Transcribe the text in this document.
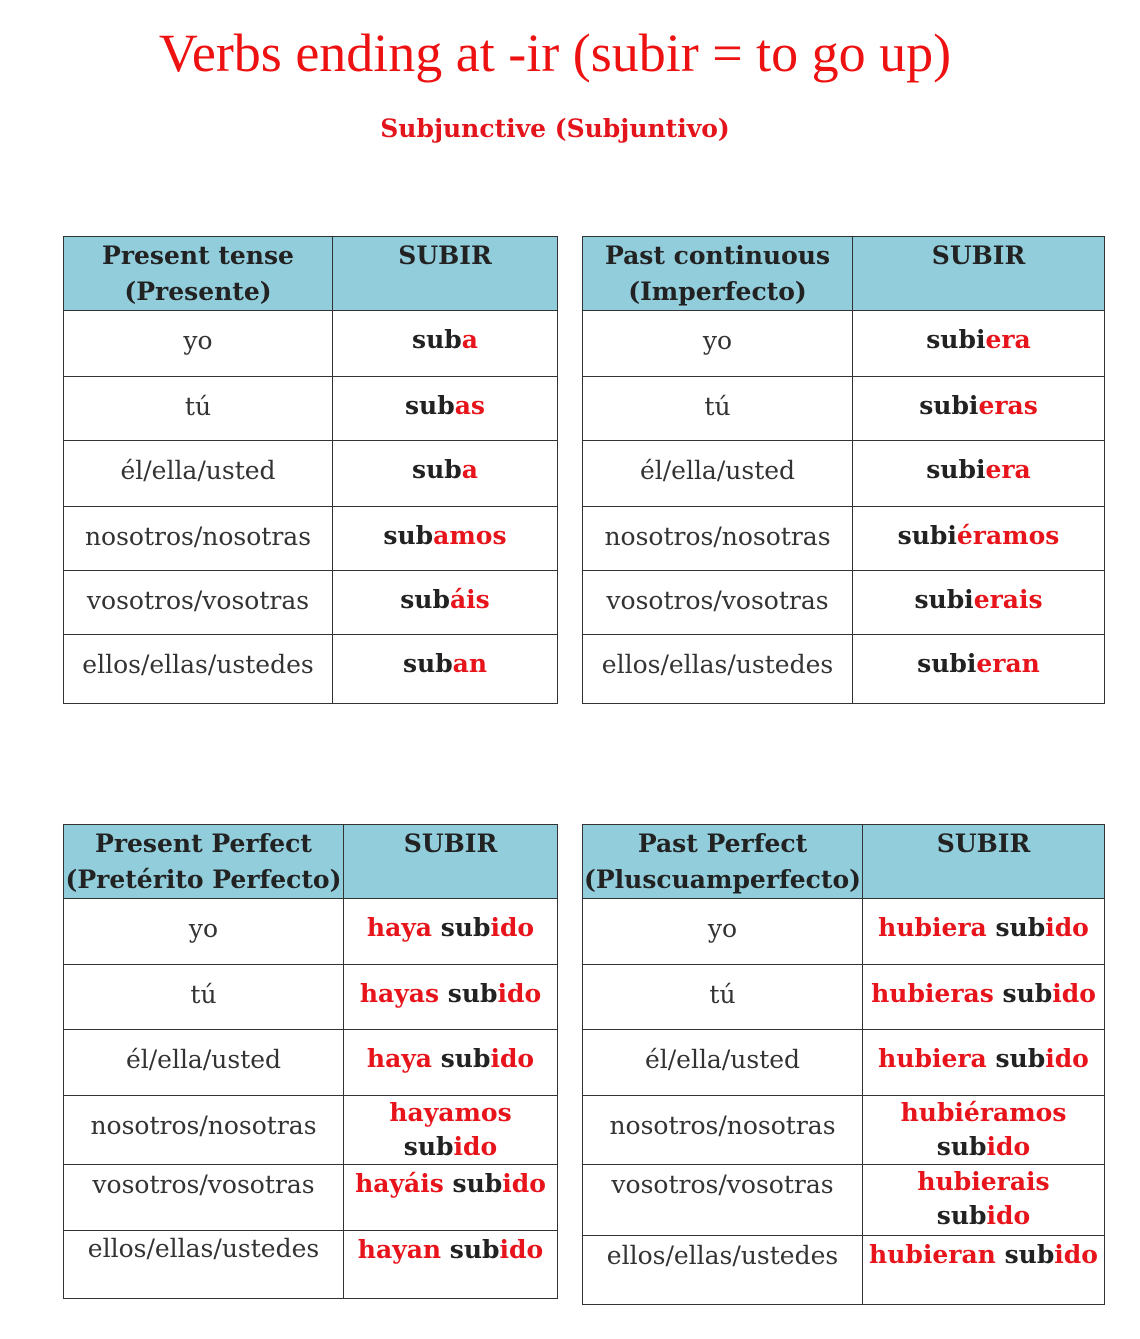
Verbs ending at -ir (subir = to go up)
Subjunctive (Subjuntivo)
Present tense
(Presente)	SUBIR
yo	suba
tú	subas
él/ella/usted	suba
nosotros/nosotras	subamos
vosotros/vosotras	subáis
ellos/ellas/ustedes	suban
Past continuous
(Imperfecto)	SUBIR
yo	subiera
tú	subieras
él/ella/usted	subiera
nosotros/nosotras	subiéramos
vosotros/vosotras	subierais
ellos/ellas/ustedes	subieran
Present Perfect
(Pretérito Perfecto)	SUBIR
yo	haya subido
tú	hayas subido
él/ella/usted	haya subido
nosotros/nosotras	hayamos
subido
vosotros/vosotras	hayáis subido
ellos/ellas/ustedes	hayan subido
Past Perfect
(Pluscuamperfecto)	SUBIR
yo	hubiera subido
tú	hubieras subido
él/ella/usted	hubiera subido
nosotros/nosotras	hubiéramos
subido
vosotros/vosotras	hubierais
subido
ellos/ellas/ustedes	hubieran subido
